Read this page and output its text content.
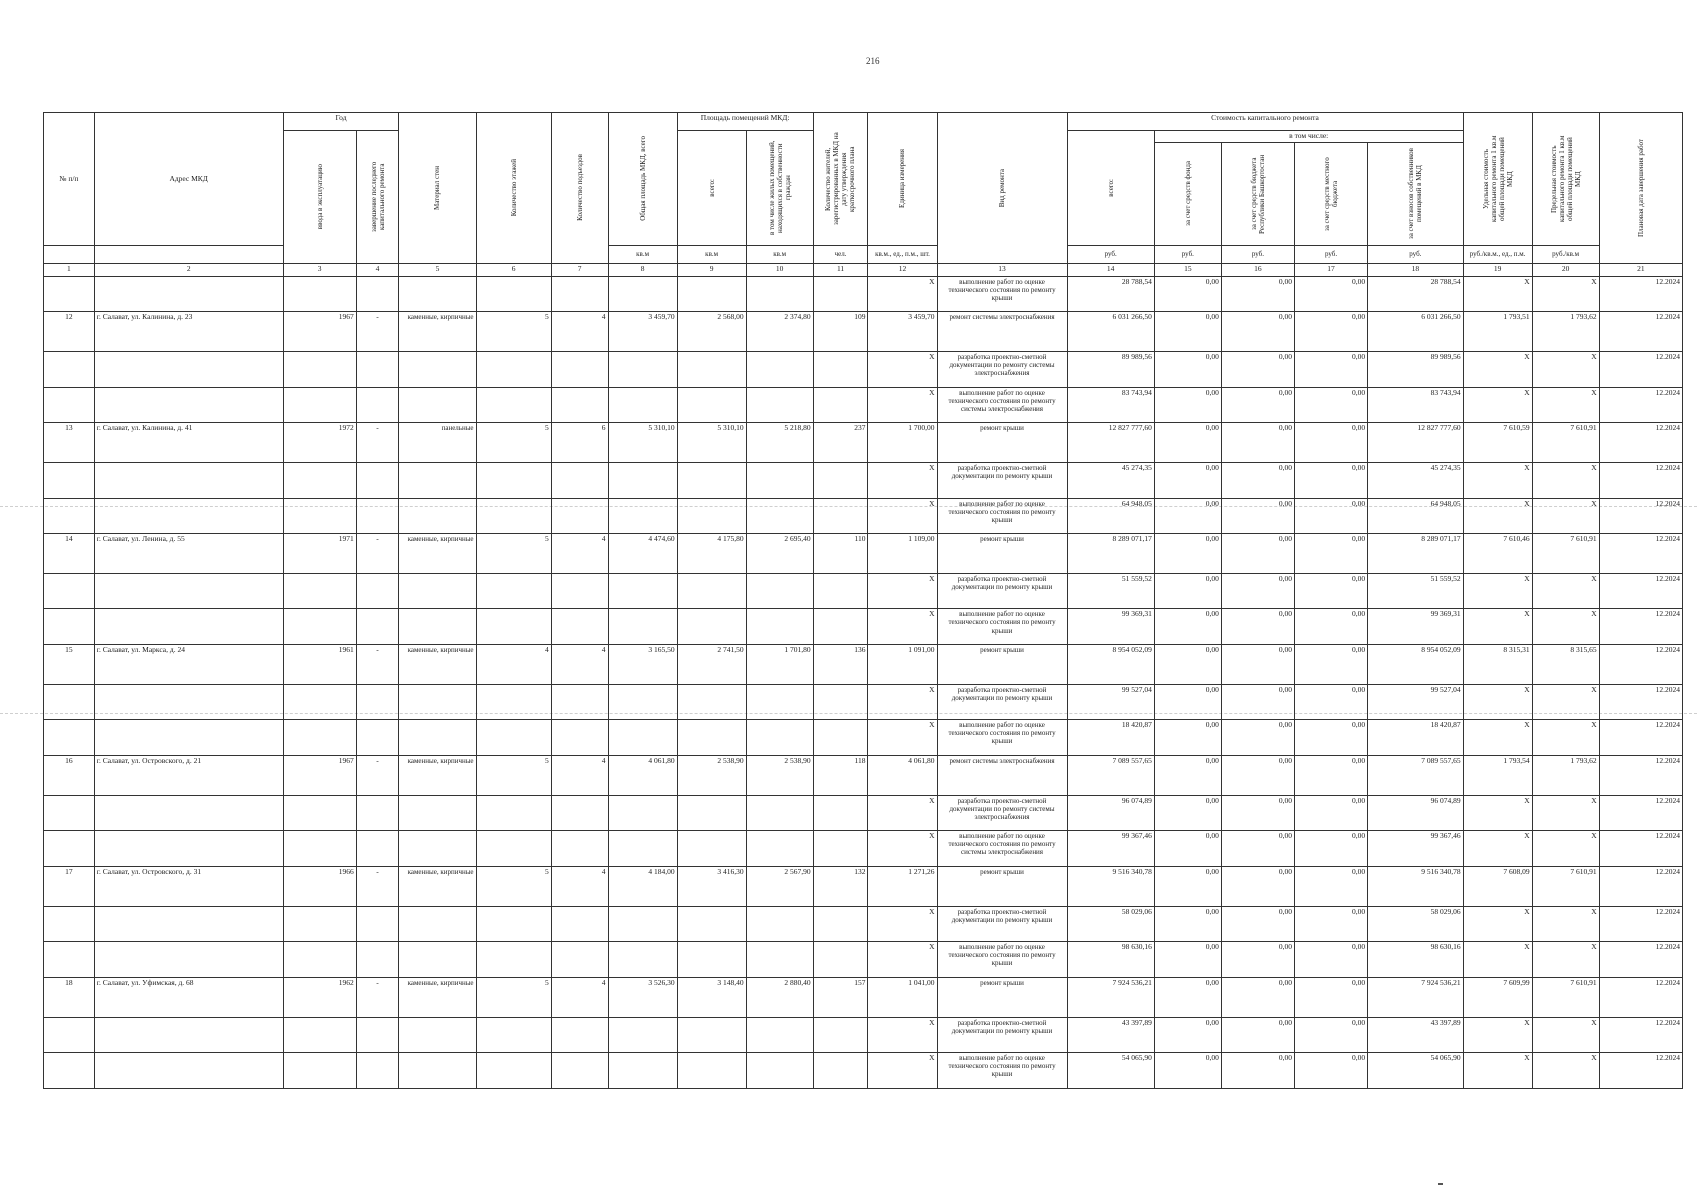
216
№ п/п	Адрес МКД	Год		Материал стен	Количество этажей	Количество подъездов	Общая площадь МКД, всего	Площадь помещений МКД:		Количество жителей, зарегистрированных в МКД на дату утверждения краткосрочного плана	Единица измерения	Вид ремонта	Стоимость капитального ремонта					Удельная стоимость капитального ремонта 1 кв.м общей площади помещений МКД	Предельная стоимость капитального ремонта 1 кв.м общей площади помещений МКД	Плановая дата завершения работ

		ввода в эксплуатацию	завершение последнего капитального ремонта					всего:	в том числе жилых помещений, находящихся в собственности граждан				всего:	в том числе:						

														за счет средств фонда	за счет средств бюджета Республики Башкортостан	за счет средств местного бюджета	за счет взносов собственников помещений в МКД			

							кв.м	кв.м	кв.м	чел.	кв.м., ед., п.м., шт.		руб.	руб.	руб.	руб.	руб.	руб./кв.м., ед., п.м.	руб./кв.м	
1	2	3	4	5	6	7	8	9	10	11	12	13	14	15	16	17	18	19	20	21
											X	выполнение работ по оценке технического состояния по ремонту крыши	28 788,54	0,00	0,00	0,00	28 788,54	X	X	12.2024
12	г. Салават, ул. Калинина, д. 23	1967	-	каменные, кирпичные	5	4	3 459,70	2 568,00	2 374,80	109	3 459,70	ремонт системы электроснабжения	6 031 266,50	0,00	0,00	0,00	6 031 266,50	1 793,51	1 793,62	12.2024
											X	разработка проектно-сметной документации по ремонту системы электроснабжения	89 989,56	0,00	0,00	0,00	89 989,56	X	X	12.2024
											X	выполнение работ по оценке технического состояния по ремонту системы электроснабжения	83 743,94	0,00	0,00	0,00	83 743,94	X	X	12.2024
13	г. Салават, ул. Калинина, д. 41	1972	-	панельные	5	6	5 310,10	5 310,10	5 218,80	237	1 700,00	ремонт крыши	12 827 777,60	0,00	0,00	0,00	12 827 777,60	7 610,59	7 610,91	12.2024
											X	разработка проектно-сметной документации по ремонту крыши	45 274,35	0,00	0,00	0,00	45 274,35	X	X	12.2024
											X	выполнение работ по оценке технического состояния по ремонту крыши	64 948,05	0,00	0,00	0,00	64 948,05	X	X	12.2024
14	г. Салават, ул. Ленина, д. 55	1971	-	каменные, кирпичные	5	4	4 474,60	4 175,80	2 695,40	110	1 109,00	ремонт крыши	8 289 071,17	0,00	0,00	0,00	8 289 071,17	7 610,46	7 610,91	12.2024
											X	разработка проектно-сметной документации по ремонту крыши	51 559,52	0,00	0,00	0,00	51 559,52	X	X	12.2024
											X	выполнение работ по оценке технического состояния по ремонту крыши	99 369,31	0,00	0,00	0,00	99 369,31	X	X	12.2024
15	г. Салават, ул. Маркса, д. 24	1961	-	каменные, кирпичные	4	4	3 165,50	2 741,50	1 701,80	136	1 091,00	ремонт крыши	8 954 052,09	0,00	0,00	0,00	8 954 052,09	8 315,31	8 315,65	12.2024
											X	разработка проектно-сметной документации по ремонту крыши	99 527,04	0,00	0,00	0,00	99 527,04	X	X	12.2024
											X	выполнение работ по оценке технического состояния по ремонту крыши	18 420,87	0,00	0,00	0,00	18 420,87	X	X	12.2024
16	г. Салават, ул. Островского, д. 21	1967	-	каменные, кирпичные	5	4	4 061,80	2 538,90	2 538,90	118	4 061,80	ремонт системы электроснабжения	7 089 557,65	0,00	0,00	0,00	7 089 557,65	1 793,54	1 793,62	12.2024
											X	разработка проектно-сметной документации по ремонту системы электроснабжения	96 074,89	0,00	0,00	0,00	96 074,89	X	X	12.2024
											X	выполнение работ по оценке технического состояния по ремонту системы электроснабжения	99 367,46	0,00	0,00	0,00	99 367,46	X	X	12.2024
17	г. Салават, ул. Островского, д. 31	1966	-	каменные, кирпичные	5	4	4 184,00	3 416,30	2 567,90	132	1 271,26	ремонт крыши	9 516 340,78	0,00	0,00	0,00	9 516 340,78	7 608,09	7 610,91	12.2024
											X	разработка проектно-сметной документации по ремонту крыши	58 029,06	0,00	0,00	0,00	58 029,06	X	X	12.2024
											X	выполнение работ по оценке технического состояния по ремонту крыши	98 630,16	0,00	0,00	0,00	98 630,16	X	X	12.2024
18	г. Салават, ул. Уфимская, д. 68	1962	-	каменные, кирпичные	5	4	3 526,30	3 148,40	2 880,40	157	1 041,00	ремонт крыши	7 924 536,21	0,00	0,00	0,00	7 924 536,21	7 609,99	7 610,91	12.2024
											X	разработка проектно-сметной документации по ремонту крыши	43 397,89	0,00	0,00	0,00	43 397,89	X	X	12.2024
											X	выполнение работ по оценке технического состояния по ремонту крыши	54 065,90	0,00	0,00	0,00	54 065,90	X	X	12.2024
